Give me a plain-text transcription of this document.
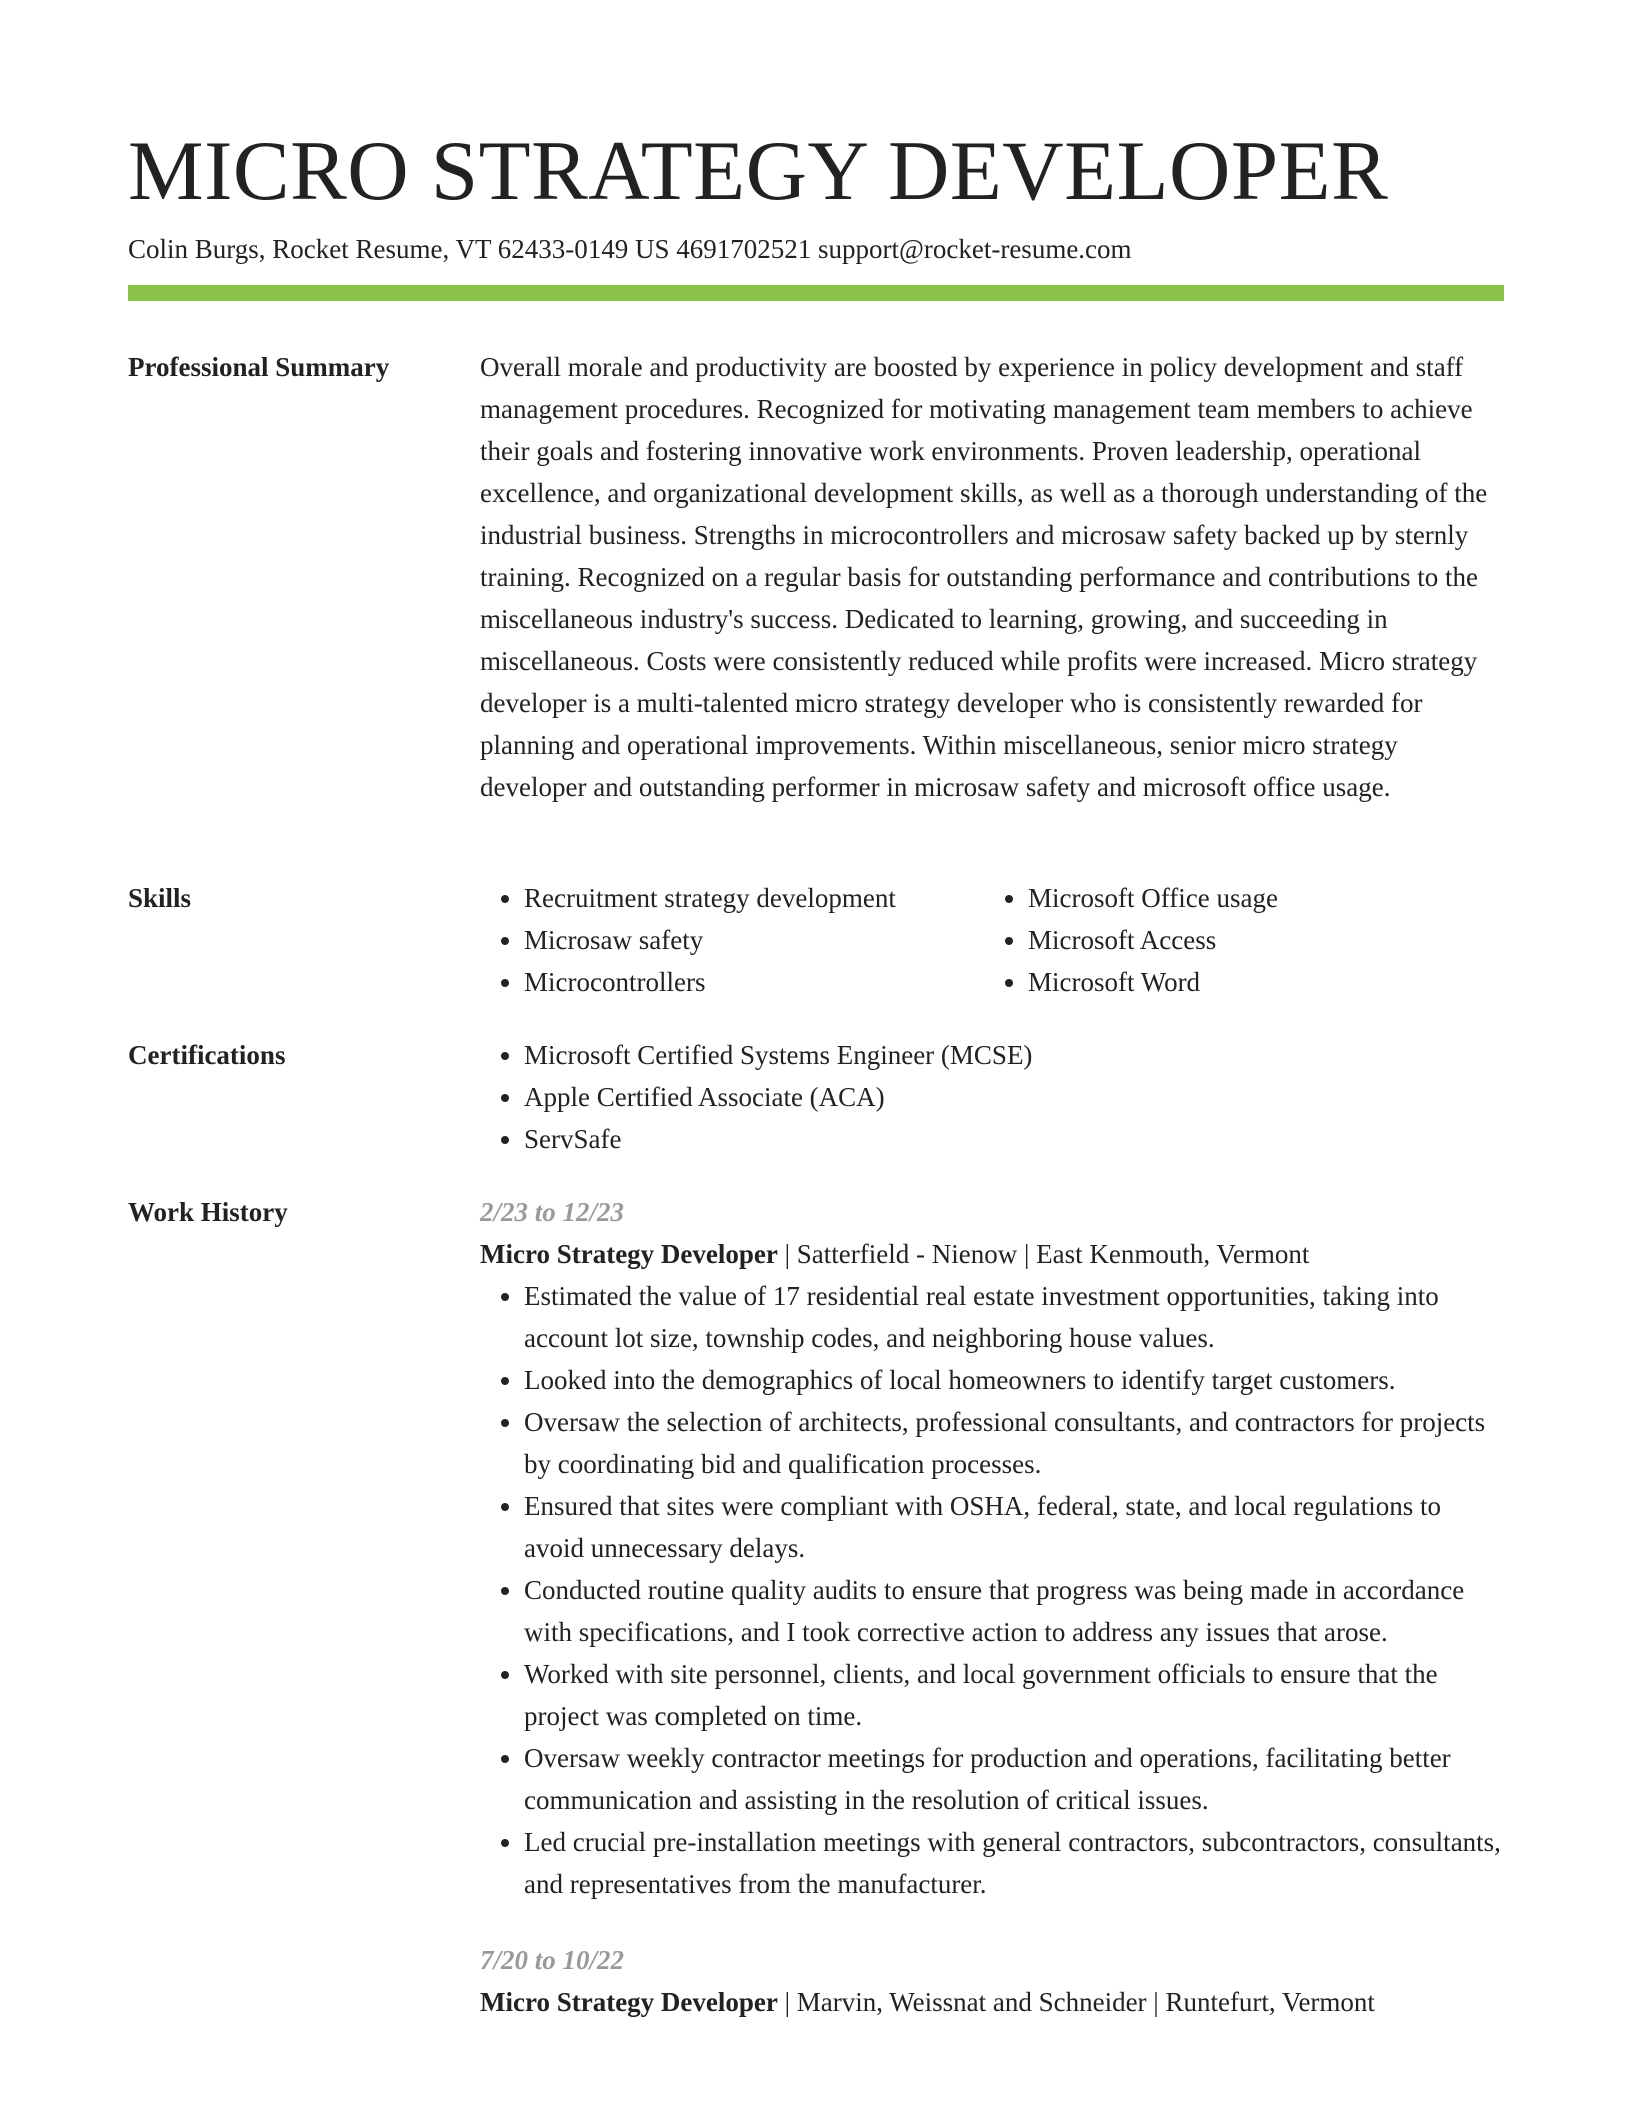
MICRO STRATEGY DEVELOPER
Colin Burgs, Rocket Resume, VT 62433-0149 US 4691702521 support@rocket-resume.com
Professional Summary	Overall morale and productivity are boosted by experience in policy development and staff management procedures. Recognized for motivating management team members to achieve their goals and fostering innovative work environments. Proven leadership, operational excellence, and organizational development skills, as well as a thorough understanding of the industrial business. Strengths in microcontrollers and microsaw safety backed up by sternly training. Recognized on a regular basis for outstanding performance and contributions to the miscellaneous industry's success. Dedicated to learning, growing, and succeeding in miscellaneous. Costs were consistently reduced while profits were increased. Micro strategy developer is a multi-talented micro strategy developer who is consistently rewarded for planning and operational improvements. Within miscellaneous, senior micro strategy developer and outstanding performer in microsaw safety and microsoft office usage.

Skills	• Recruitment strategy development
• Microsaw safety
• Microcontrollers
• Microsoft Office usage
• Microsoft Access
• Microsoft Word
Certifications	• Microsoft Certified Systems Engineer (MCSE)
• Apple Certified Associate (ACA)
• ServSafe
Work History	2/23 to 12/23
Micro Strategy Developer | Satterfield - Nienow | East Kenmouth, Vermont
• Estimated the value of 17 residential real estate investment opportunities, taking into account lot size, township codes, and neighboring house values.
• Looked into the demographics of local homeowners to identify target customers.
• Oversaw the selection of architects, professional consultants, and contractors for projects by coordinating bid and qualification processes.
• Ensured that sites were compliant with OSHA, federal, state, and local regulations to avoid unnecessary delays.
• Conducted routine quality audits to ensure that progress was being made in accordance with specifications, and I took corrective action to address any issues that arose.
• Worked with site personnel, clients, and local government officials to ensure that the project was completed on time.
• Oversaw weekly contractor meetings for production and operations, facilitating better communication and assisting in the resolution of critical issues.
• Led crucial pre-installation meetings with general contractors, subcontractors, consultants, and representatives from the manufacturer.
7/20 to 10/22
Micro Strategy Developer | Marvin, Weissnat and Schneider | Runtefurt, Vermont
